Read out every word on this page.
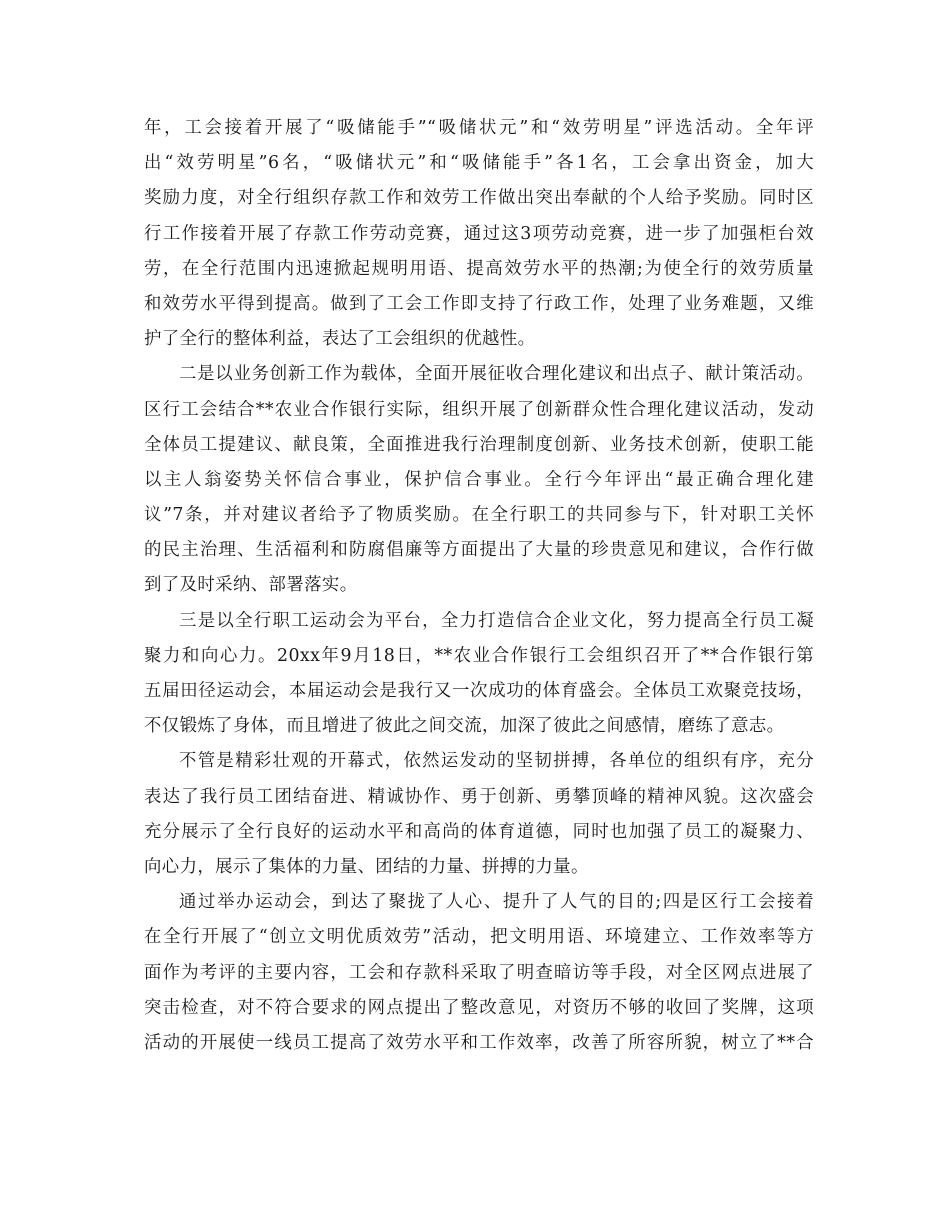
年，工会接着开展了“吸储能手”“吸储状元”和“效劳明星”评选活动。全年评
出“效劳明星”6名，“吸储状元”和“吸储能手”各1名，工会拿出资金，加大
奖励力度，对全行组织存款工作和效劳工作做出突出奉献的个人给予奖励。同时区
行工作接着开展了存款工作劳动竞赛，通过这3项劳动竞赛，进一步了加强柜台效
劳，在全行范围内迅速掀起规明用语、提高效劳水平的热潮;为使全行的效劳质量
和效劳水平得到提高。做到了工会工作即支持了行政工作，处理了业务难题，又维
护了全行的整体利益，表达了工会组织的优越性。
二是以业务创新工作为载体，全面开展征收合理化建议和出点子、献计策活动。
区行工会结合**农业合作银行实际，组织开展了创新群众性合理化建议活动，发动
全体员工提建议、献良策，全面推进我行治理制度创新、业务技术创新，使职工能
以主人翁姿势关怀信合事业，保护信合事业。全行今年评出“最正确合理化建
议”7条，并对建议者给予了物质奖励。在全行职工的共同参与下，针对职工关怀
的民主治理、生活福利和防腐倡廉等方面提出了大量的珍贵意见和建议，合作行做
到了及时采纳、部署落实。
三是以全行职工运动会为平台，全力打造信合企业文化，努力提高全行员工凝
聚力和向心力。20xx年9月18日，**农业合作银行工会组织召开了**合作银行第
五届田径运动会，本届运动会是我行又一次成功的体育盛会。全体员工欢聚竞技场，
不仅锻炼了身体，而且增进了彼此之间交流，加深了彼此之间感情，磨练了意志。
不管是精彩壮观的开幕式，依然运发动的坚韧拼搏，各单位的组织有序，充分
表达了我行员工团结奋进、精诚协作、勇于创新、勇攀顶峰的精神风貌。这次盛会
充分展示了全行良好的运动水平和高尚的体育道德，同时也加强了员工的凝聚力、
向心力，展示了集体的力量、团结的力量、拼搏的力量。
通过举办运动会，到达了聚拢了人心、提升了人气的目的;四是区行工会接着
在全行开展了“创立文明优质效劳”活动，把文明用语、环境建立、工作效率等方
面作为考评的主要内容，工会和存款科采取了明查暗访等手段，对全区网点进展了
突击检查，对不符合要求的网点提出了整改意见，对资历不够的收回了奖牌，这项
活动的开展使一线员工提高了效劳水平和工作效率，改善了所容所貌，树立了**合
